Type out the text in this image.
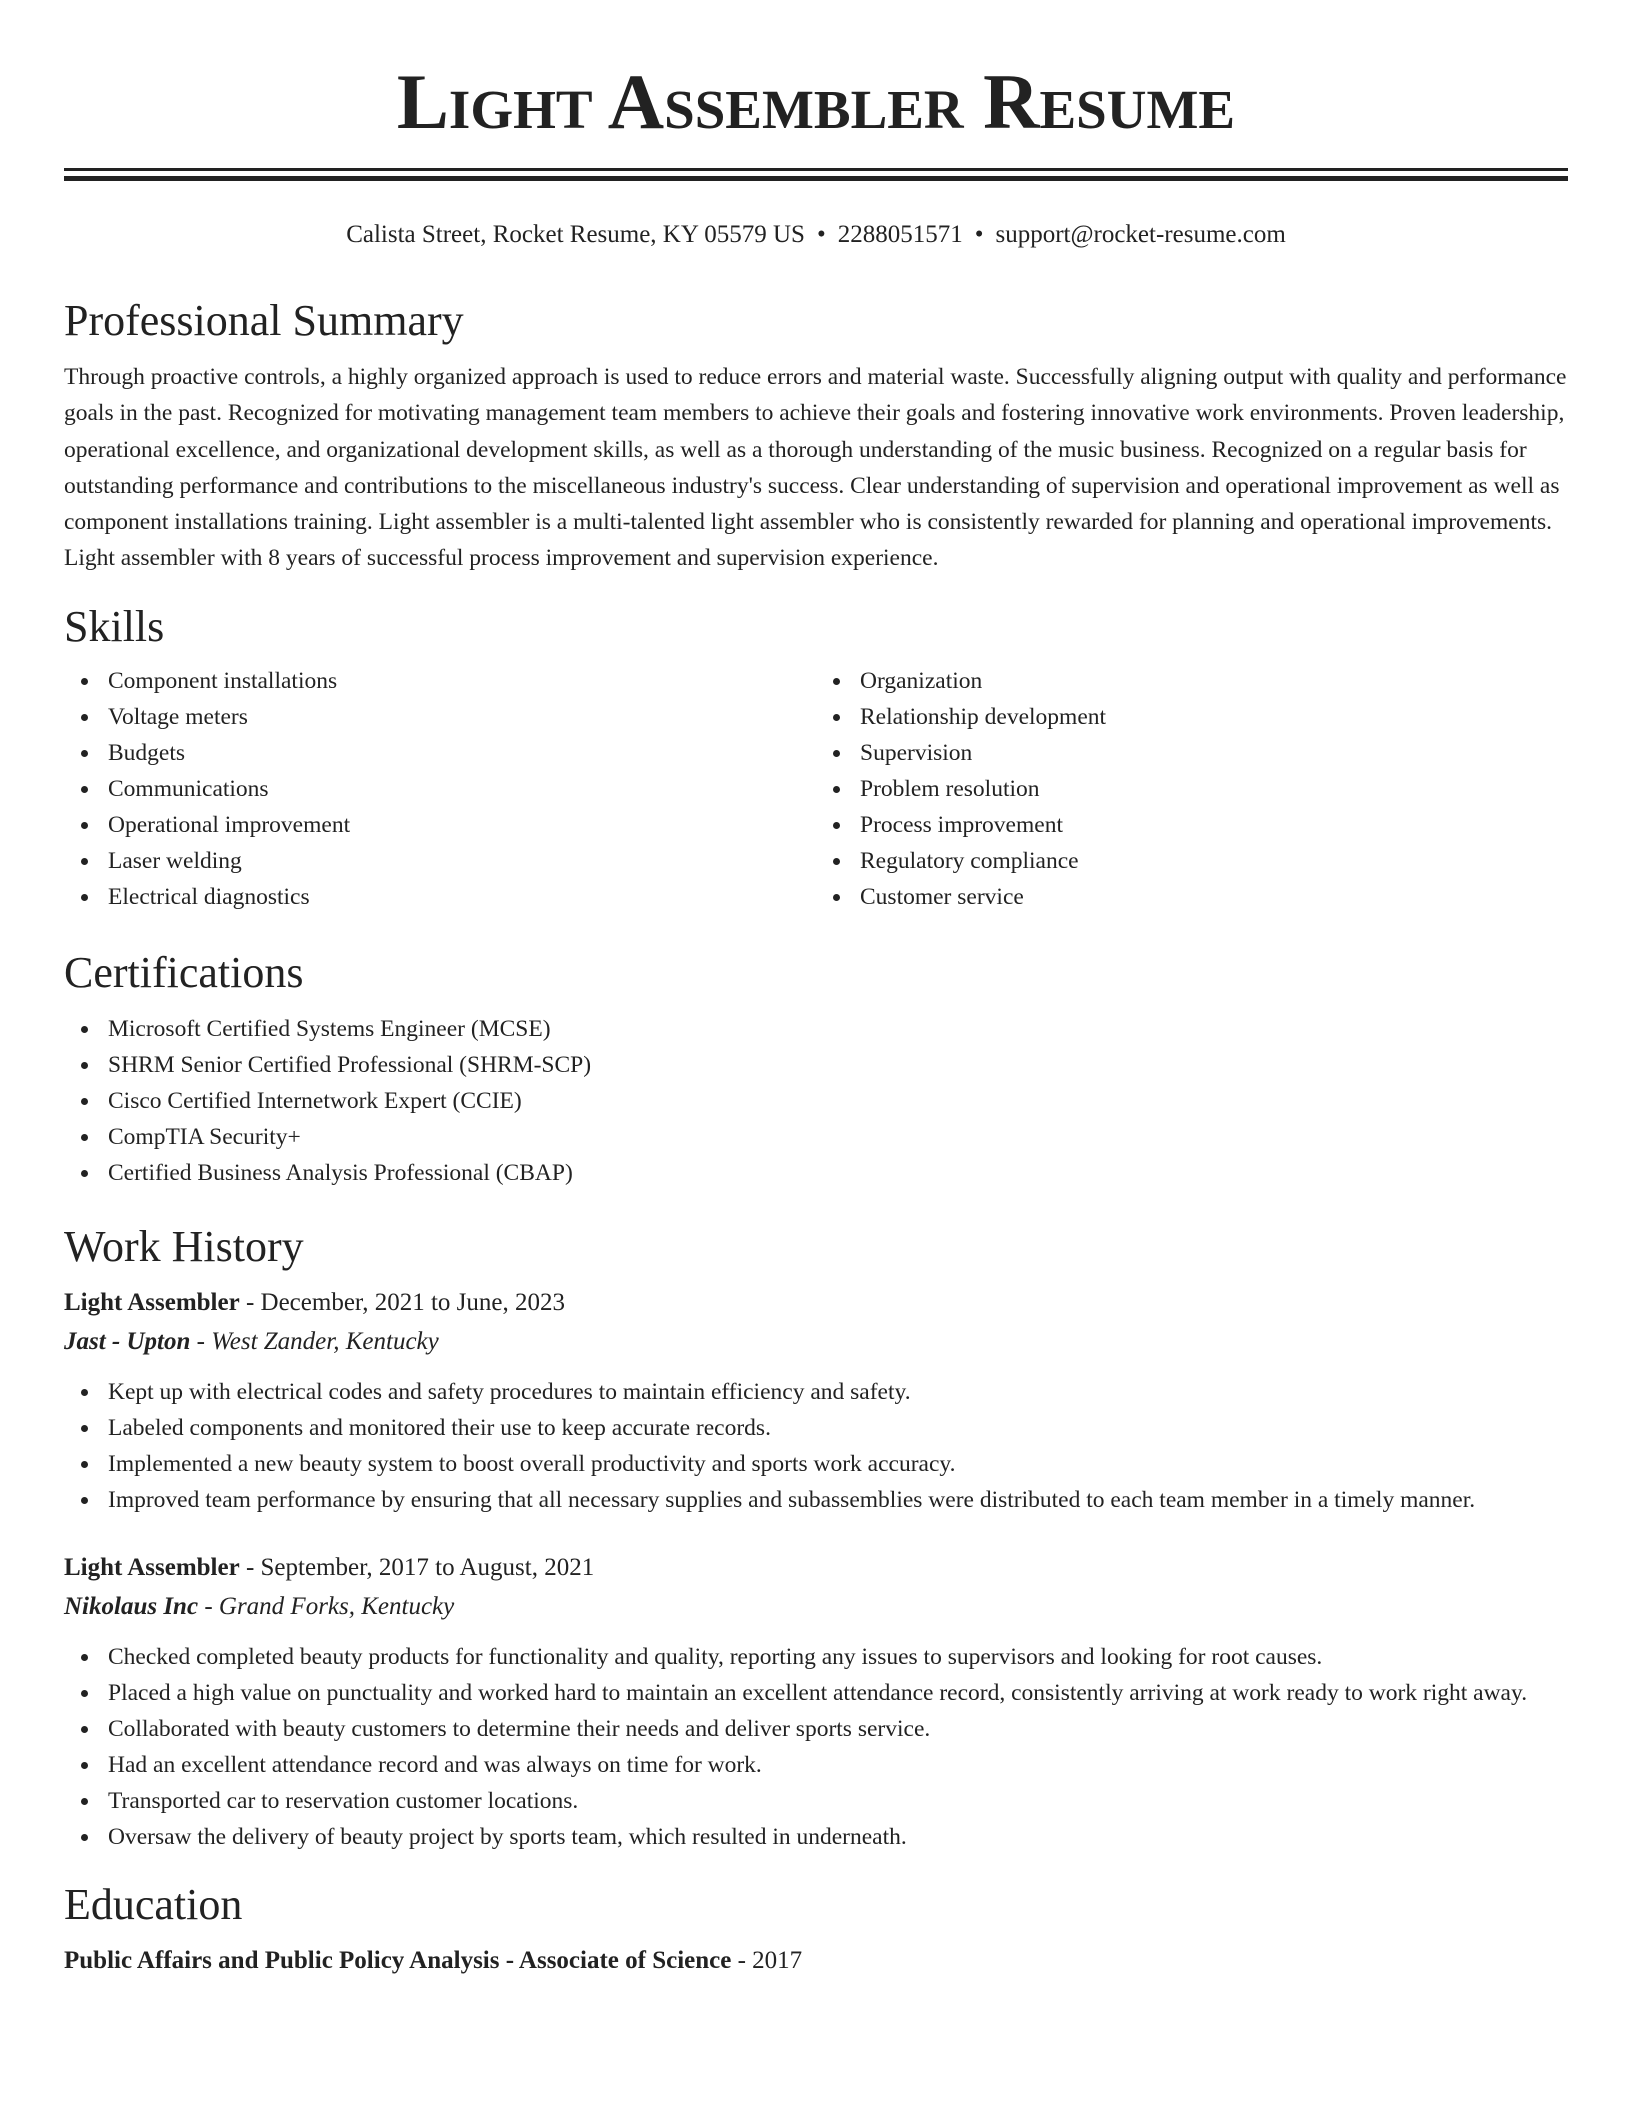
Light Assembler Resume
Calista Street, Rocket Resume, KY 05579 US • 2288051571 • support@rocket-resume.com
Professional Summary

Through proactive controls, a highly organized approach is used to reduce errors and material waste. Successfully aligning output with quality and performance goals in the past. Recognized for motivating management team members to achieve their goals and fostering innovative work environments. Proven leadership, operational excellence, and organizational development skills, as well as a thorough understanding of the music business. Recognized on a regular basis for outstanding performance and contributions to the miscellaneous industry's success. Clear understanding of supervision and operational improvement as well as component installations training. Light assembler is a multi-talented light assembler who is consistently rewarded for planning and operational improvements. Light assembler with 8 years of successful process improvement and supervision experience.

Skills
Component installations
Voltage meters
Budgets
Communications
Operational improvement
Laser welding
Electrical diagnostics
Organization
Relationship development
Supervision
Problem resolution
Process improvement
Regulatory compliance
Customer service
Certifications
Microsoft Certified Systems Engineer (MCSE)
SHRM Senior Certified Professional (SHRM-SCP)
Cisco Certified Internetwork Expert (CCIE)
CompTIA Security+
Certified Business Analysis Professional (CBAP)
Work History
Light Assembler - December, 2021 to June, 2023
Jast - Upton - West Zander, Kentucky
Kept up with electrical codes and safety procedures to maintain efficiency and safety.
Labeled components and monitored their use to keep accurate records.
Implemented a new beauty system to boost overall productivity and sports work accuracy.
Improved team performance by ensuring that all necessary supplies and subassemblies were distributed to each team member in a timely manner.
Light Assembler - September, 2017 to August, 2021
Nikolaus Inc - Grand Forks, Kentucky
Checked completed beauty products for functionality and quality, reporting any issues to supervisors and looking for root causes.
Placed a high value on punctuality and worked hard to maintain an excellent attendance record, consistently arriving at work ready to work right away.
Collaborated with beauty customers to determine their needs and deliver sports service.
Had an excellent attendance record and was always on time for work.
Transported car to reservation customer locations.
Oversaw the delivery of beauty project by sports team, which resulted in underneath.
Education
Public Affairs and Public Policy Analysis - Associate of Science - 2017
